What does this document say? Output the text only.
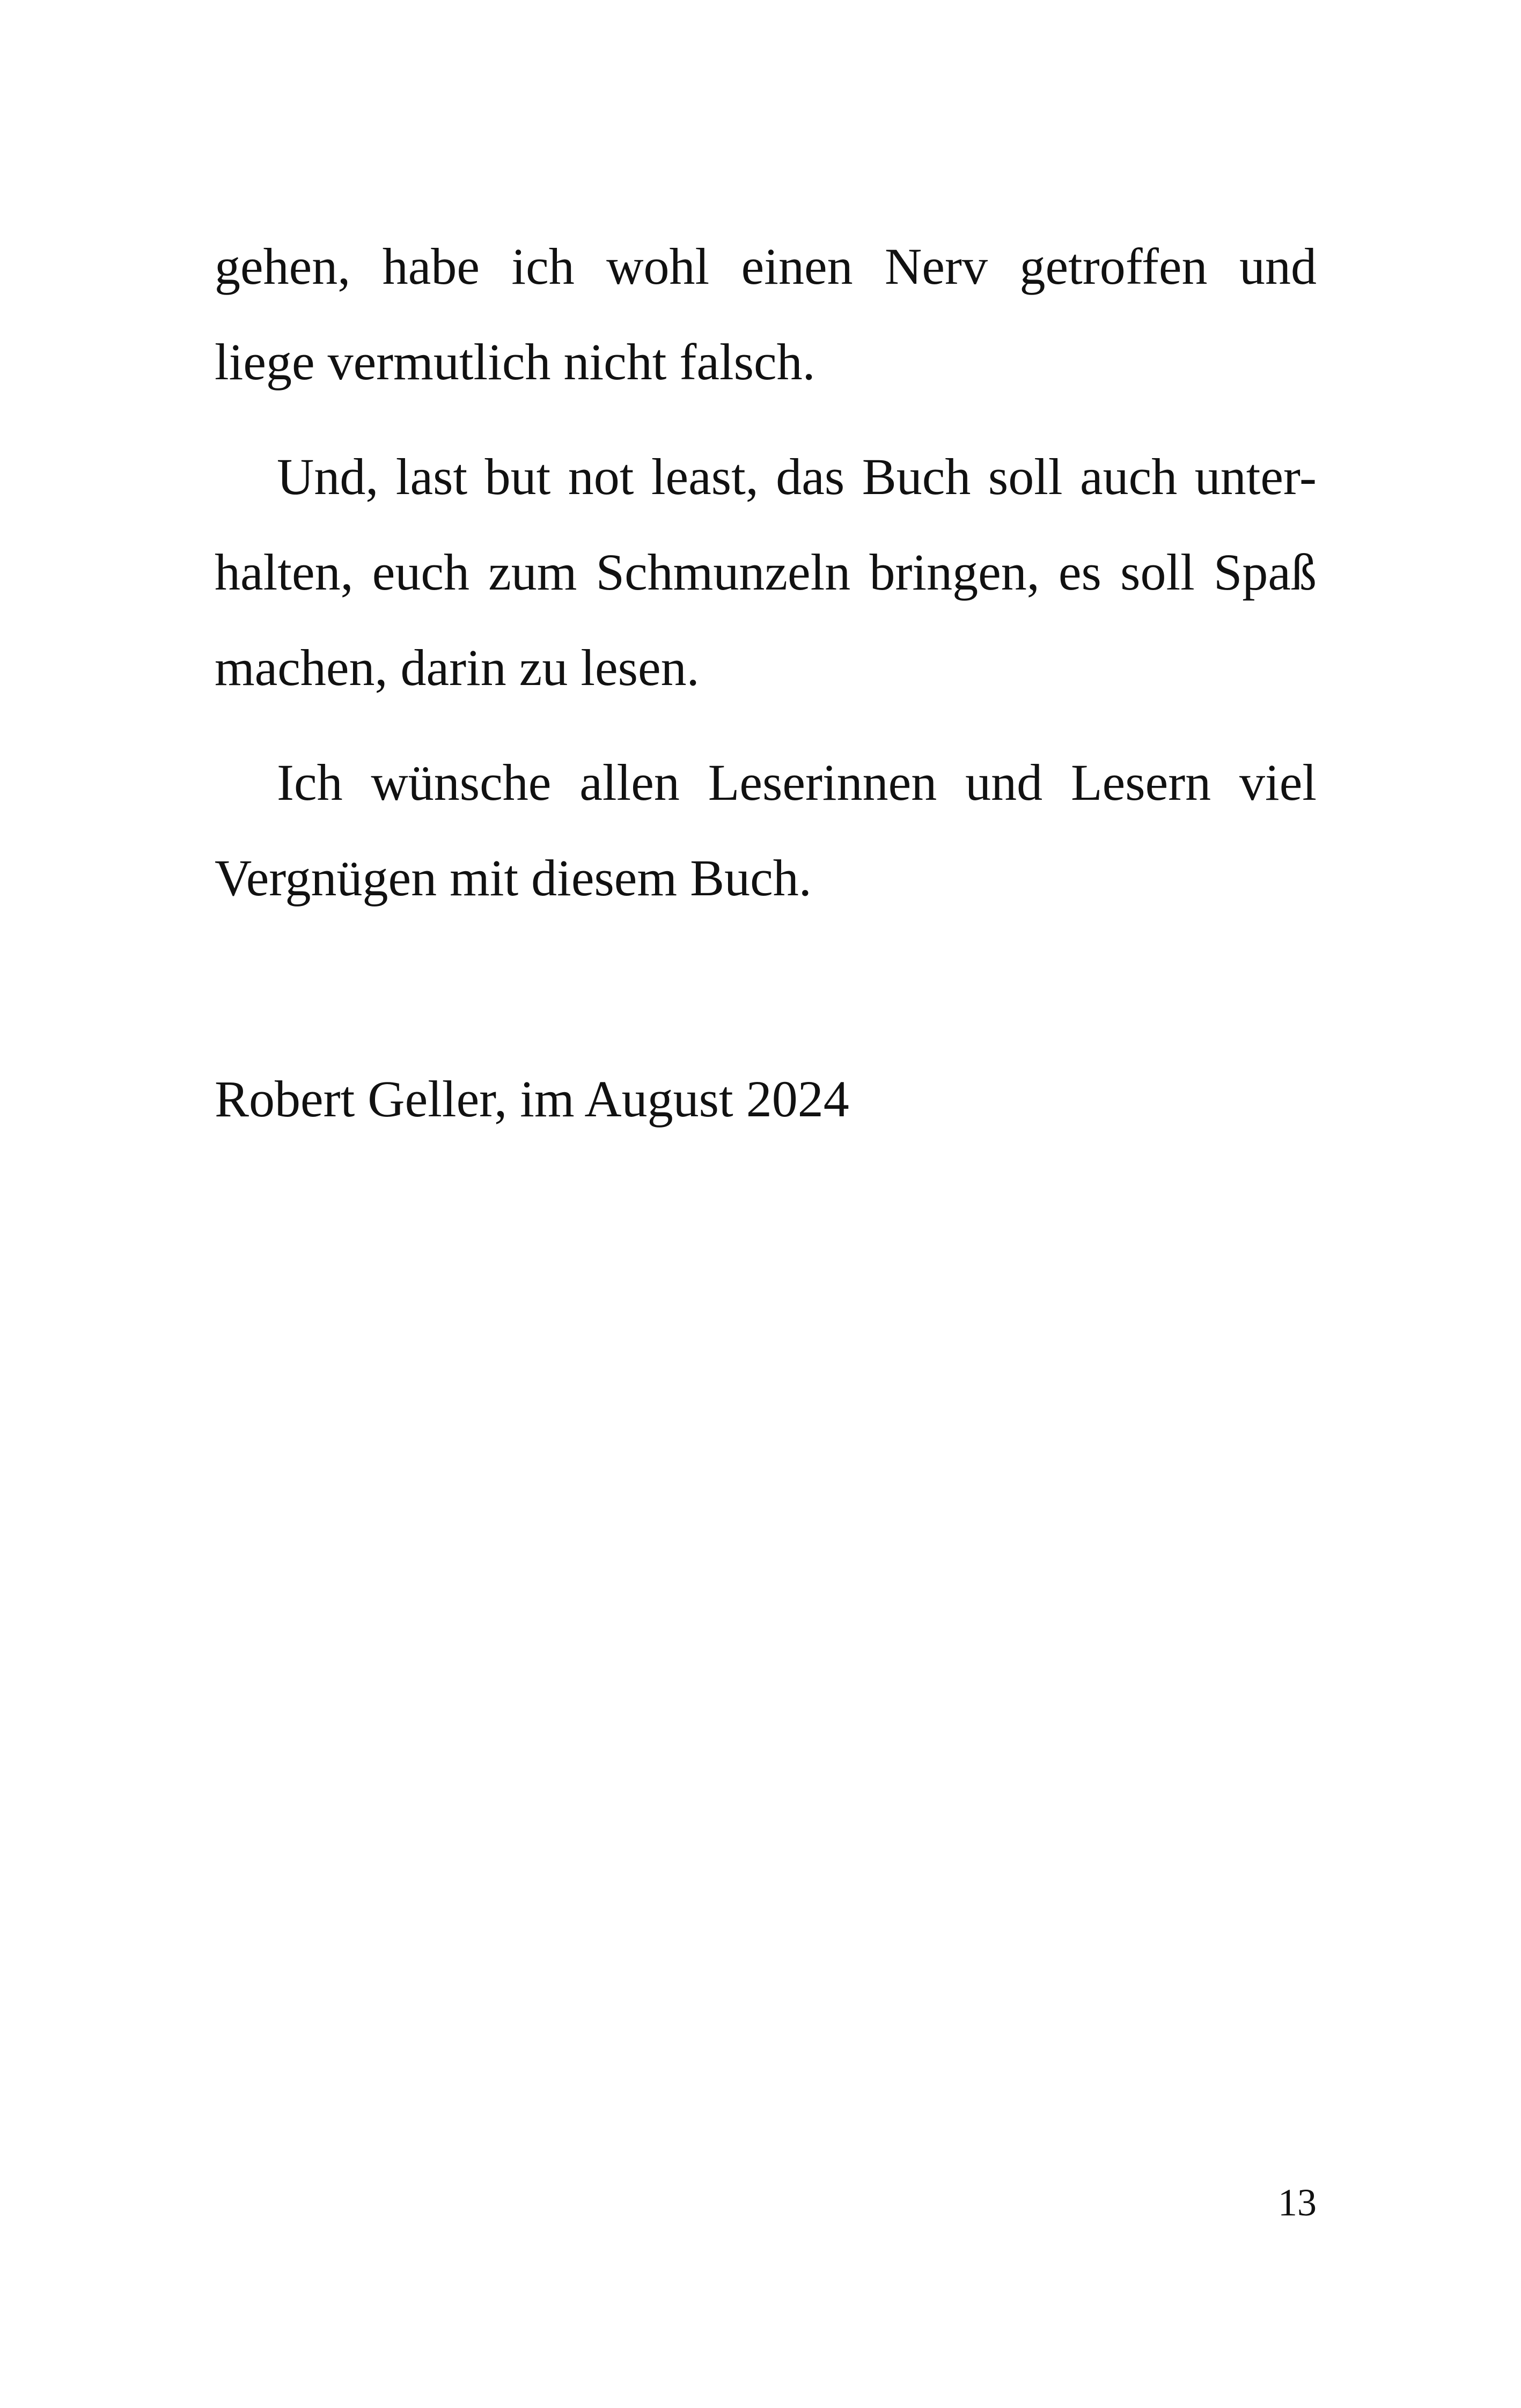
gehen, habe ich wohl einen Nerv getroffen und
liege vermutlich nicht falsch.
Und, last but not least, das Buch soll auch unter-
halten, euch zum Schmunzeln bringen, es soll Spaß
machen, darin zu lesen.
Ich wünsche allen Leserinnen und Lesern viel
Vergnügen mit diesem Buch.
Robert Geller, im August 2024
13
